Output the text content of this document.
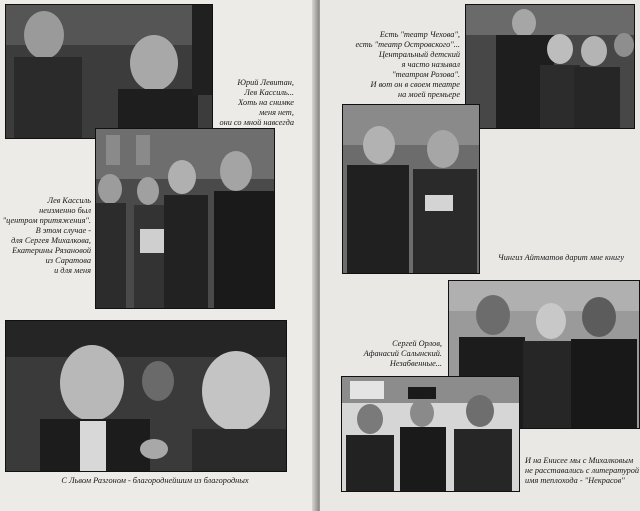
Юрий Левитан,
Лев Кассиль...
Хоть на снимке
меня нет,
они со мной навсегда

Лев Кассиль
неизменно был
"центром притяжения".
В этом случае -
для Сергея Михалкова,
Екатерины Рязановой
из Саратова
и для меня

С Львом Разгоном - благороднейшим из благородных

Есть "театр Чехова",
есть "театр Островского"...
Центральный детский
я часто называл
"театром Розова".
И вот он в своем театре
на моей премьере

Чингиз Айтматов дарит мне книгу

Сергей Орлов,
Афанасий Салынский.
Незабвенные...

И на Енисее мы с Михалковым
не расставались с литературой
имя теплохода - "Некрасов"
